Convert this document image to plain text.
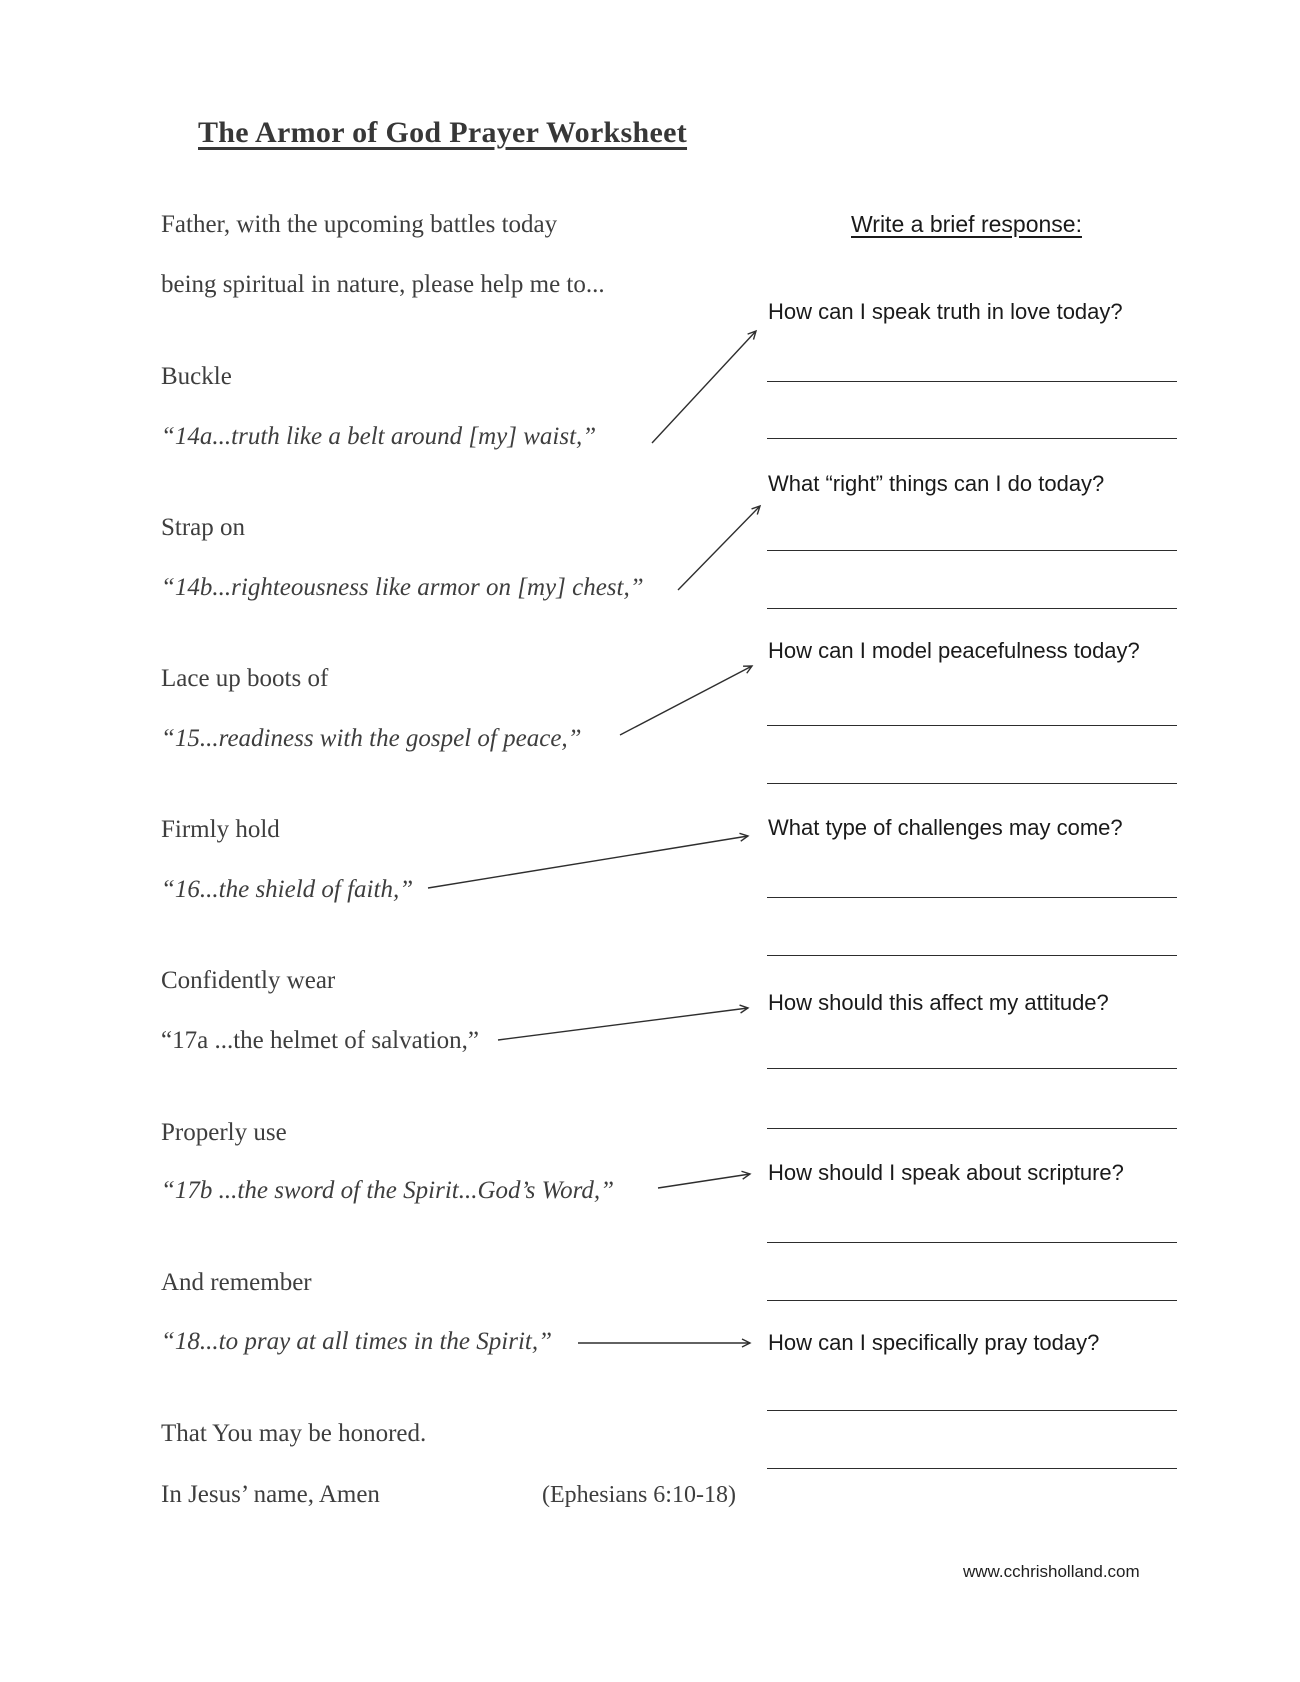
The Armor of God Prayer Worksheet
Father, with the upcoming battles today
being spiritual in nature, please help me to...
Buckle
“14a...truth like a belt around [my] waist,”
Strap on
“14b...righteousness like armor on [my] chest,”
Lace up boots of
“15...readiness with the gospel of peace,”
Firmly hold
“16...the shield of faith,”
Confidently wear
“17a ...the helmet of salvation,”
Properly use
“17b ...the sword of the Spirit...God’s Word,”
And remember
“18...to pray at all times in the Spirit,”
That You may be honored.
In Jesus’ name, Amen	(Ephesians 6:10-18)
Write a brief response:
How can I speak truth in love today?
What “right” things can I do today?
How can I model peacefulness today?
What type of challenges may come?
How should this affect my attitude?
How should I speak about scripture?
How can I specifically pray today?
www.cchrisholland.com
